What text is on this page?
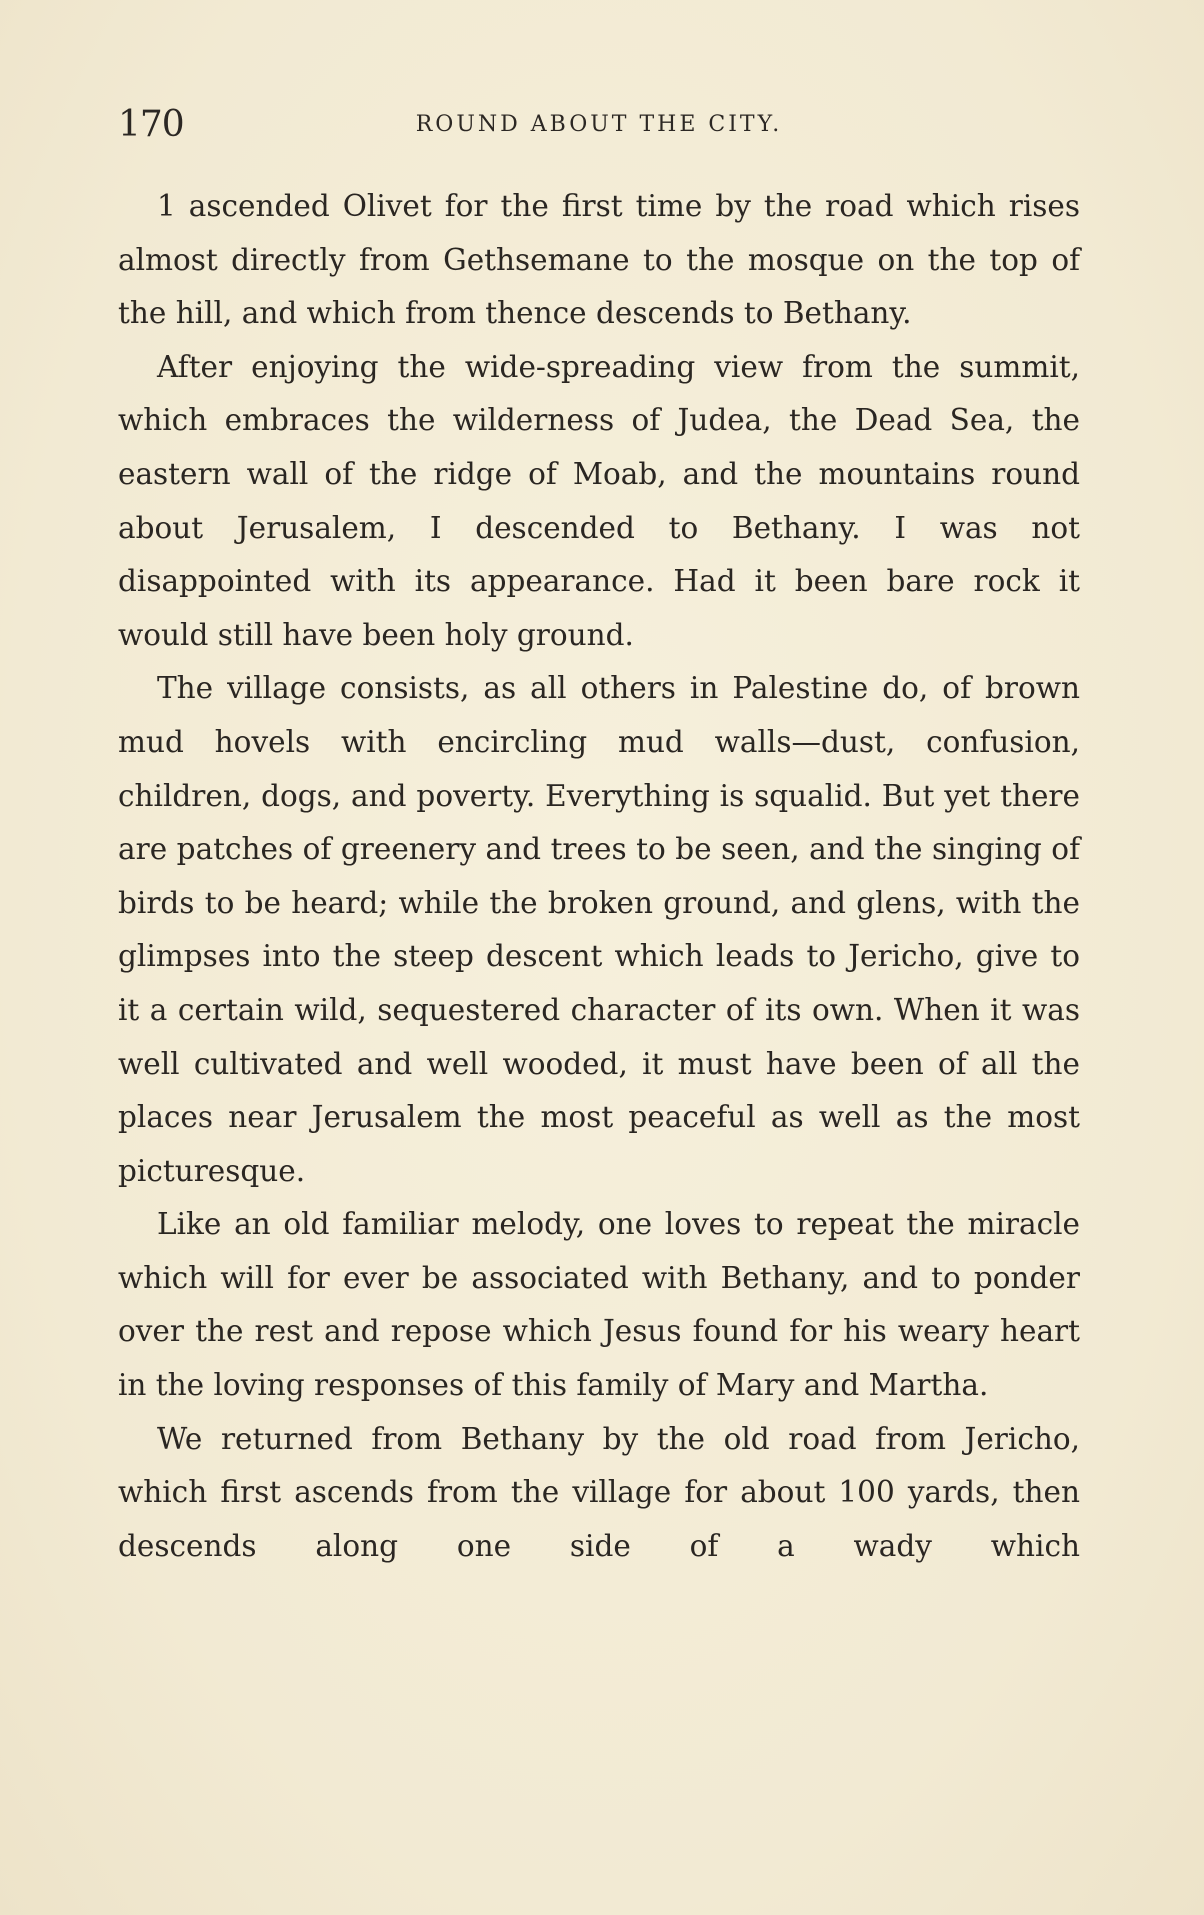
170	ROUND ABOUT THE CITY.

1 ascended Olivet for the first time by the road which rises almost directly from Gethsemane to the mosque on the top of the hill, and which from thence descends to Bethany.

After enjoying the wide-spreading view from the summit, which embraces the wilderness of Judea, the Dead Sea, the eastern wall of the ridge of Moab, and the mountains round about Jerusalem, I descended to Bethany. I was not disappointed with its appearance. Had it been bare rock it would still have been holy ground.

The village consists, as all others in Palestine do, of brown mud hovels with encircling mud walls—dust, confusion, children, dogs, and poverty. Everything is squalid. But yet there are patches of greenery and trees to be seen, and the singing of birds to be heard; while the broken ground, and glens, with the glimpses into the steep descent which leads to Jericho, give to it a certain wild, sequestered character of its own. When it was well cultivated and well wooded, it must have been of all the places near Jerusalem the most peaceful as well as the most picturesque.

Like an old familiar melody, one loves to repeat the miracle which will for ever be associated with Bethany, and to ponder over the rest and repose which Jesus found for his weary heart in the loving responses of this family of Mary and Martha.

We returned from Bethany by the old road from Jericho, which first ascends from the village for about 100 yards, then descends along one side of a wady which
